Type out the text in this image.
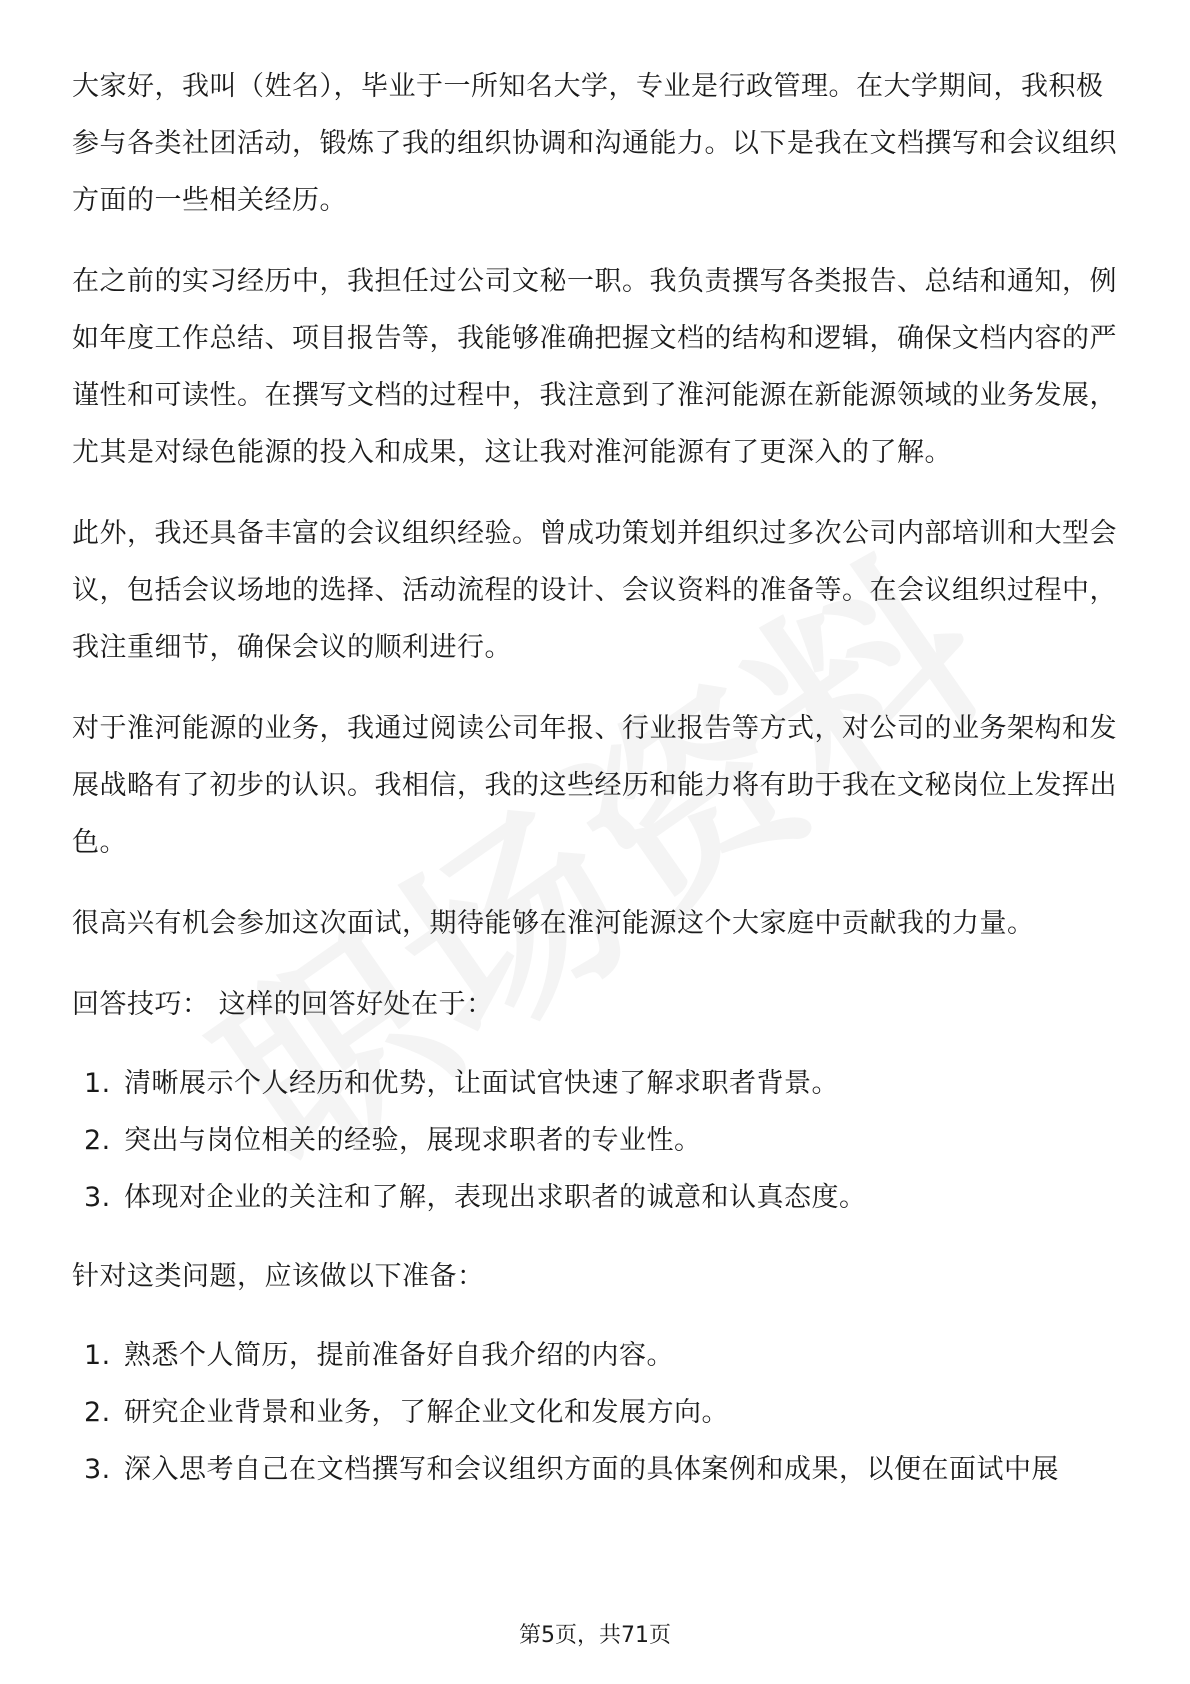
大家好，我叫（姓名），毕业于一所知名大学，专业是行政管理。在大学期间，我积极参与各类社团活动，锻炼了我的组织协调和沟通能力。以下是我在文档撰写和会议组织方面的一些相关经历。

在之前的实习经历中，我担任过公司文秘一职。我负责撰写各类报告、总结和通知，例如年度工作总结、项目报告等，我能够准确把握文档的结构和逻辑，确保文档内容的严谨性和可读性。在撰写文档的过程中，我注意到了淮河能源在新能源领域的业务发展，尤其是对绿色能源的投入和成果，这让我对淮河能源有了更深入的了解。

此外，我还具备丰富的会议组织经验。曾成功策划并组织过多次公司内部培训和大型会议，包括会议场地的选择、活动流程的设计、会议资料的准备等。在会议组织过程中，我注重细节，确保会议的顺利进行。

对于淮河能源的业务，我通过阅读公司年报、行业报告等方式，对公司的业务架构和发展战略有了初步的认识。我相信，我的这些经历和能力将有助于我在文秘岗位上发挥出色。

很高兴有机会参加这次面试，期待能够在淮河能源这个大家庭中贡献我的力量。

回答技巧： 这样的回答好处在于：

1. 清晰展示个人经历和优势，让面试官快速了解求职者背景。
2. 突出与岗位相关的经验，展现求职者的专业性。
3. 体现对企业的关注和了解，表现出求职者的诚意和认真态度。

针对这类问题，应该做以下准备：

1. 熟悉个人简历，提前准备好自我介绍的内容。
2. 研究企业背景和业务，了解企业文化和发展方向。
3. 深入思考自己在文档撰写和会议组织方面的具体案例和成果，以便在面试中展
第5页，共71页
